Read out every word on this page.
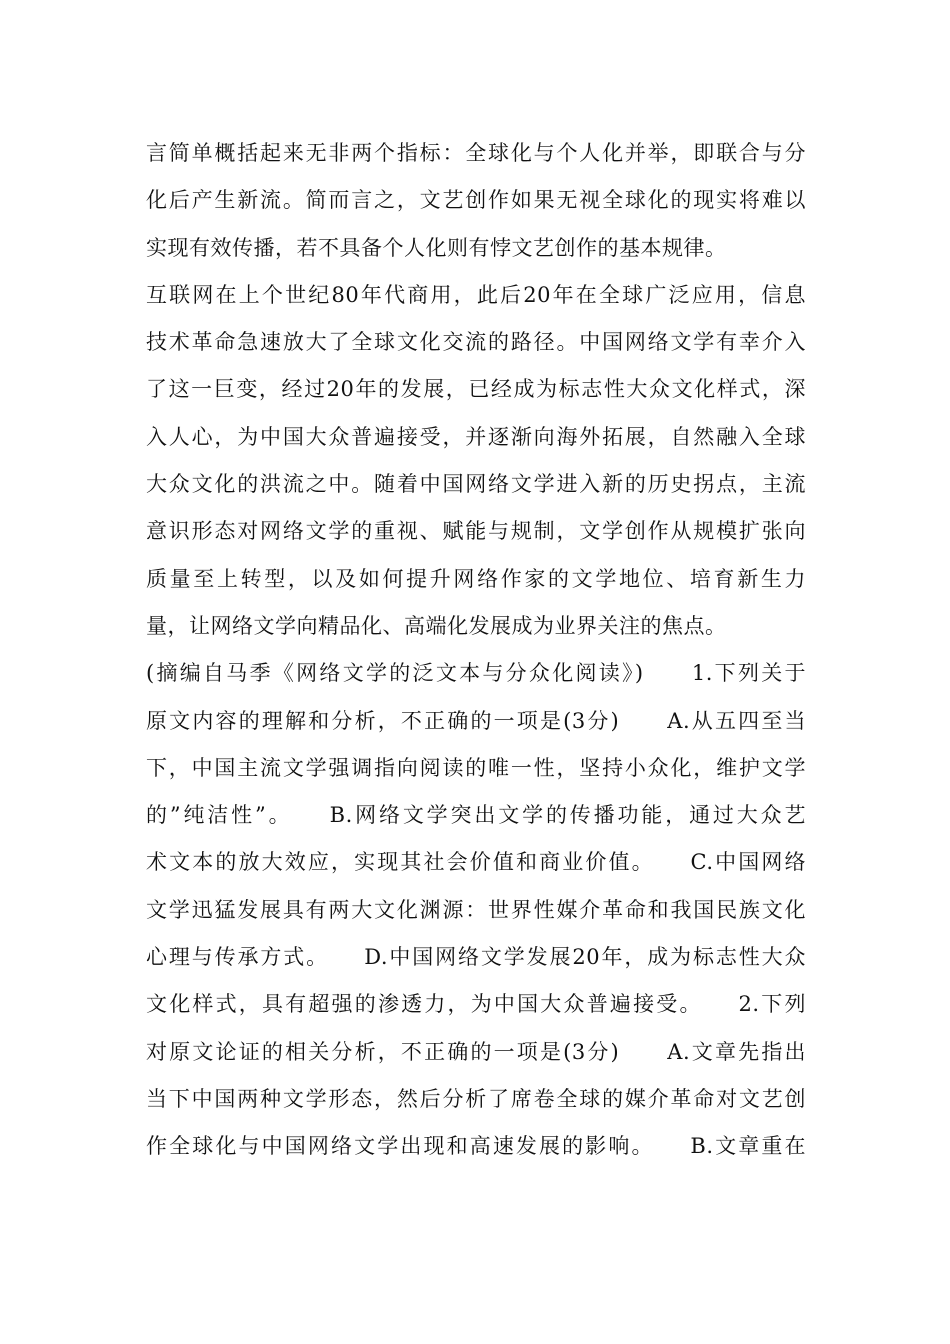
言简单概括起来无非两个指标：全球化与个人化并举，即联合与分
化后产生新流。简而言之，文艺创作如果无视全球化的现实将难以
实现有效传播，若不具备个人化则有悖文艺创作的基本规律。
互联网在上个世纪80年代商用，此后20年在全球广泛应用，信息
技术革命急速放大了全球文化交流的路径。中国网络文学有幸介入
了这一巨变，经过20年的发展，已经成为标志性大众文化样式，深
入人心，为中国大众普遍接受，并逐渐向海外拓展，自然融入全球
大众文化的洪流之中。随着中国网络文学进入新的历史拐点，主流
意识形态对网络文学的重视、赋能与规制，文学创作从规模扩张向
质量至上转型，以及如何提升网络作家的文学地位、培育新生力
量，让网络文学向精品化、高端化发展成为业界关注的焦点。
(摘编自马季《网络文学的泛文本与分众化阅读》)　　1.下列关于
原文内容的理解和分析，不正确的一项是(3分)　　A.从五四至当
下，中国主流文学强调指向阅读的唯一性，坚持小众化，维护文学
的”纯洁性”。　　B.网络文学突出文学的传播功能，通过大众艺
术文本的放大效应，实现其社会价值和商业价值。　　C.中国网络
文学迅猛发展具有两大文化渊源：世界性媒介革命和我国民族文化
心理与传承方式。　　D.中国网络文学发展20年，成为标志性大众
文化样式，具有超强的渗透力，为中国大众普遍接受。　　2.下列
对原文论证的相关分析，不正确的一项是(3分)　　A.文章先指出
当下中国两种文学形态，然后分析了席卷全球的媒介革命对文艺创
作全球化与中国网络文学出现和高速发展的影响。　　B.文章重在
